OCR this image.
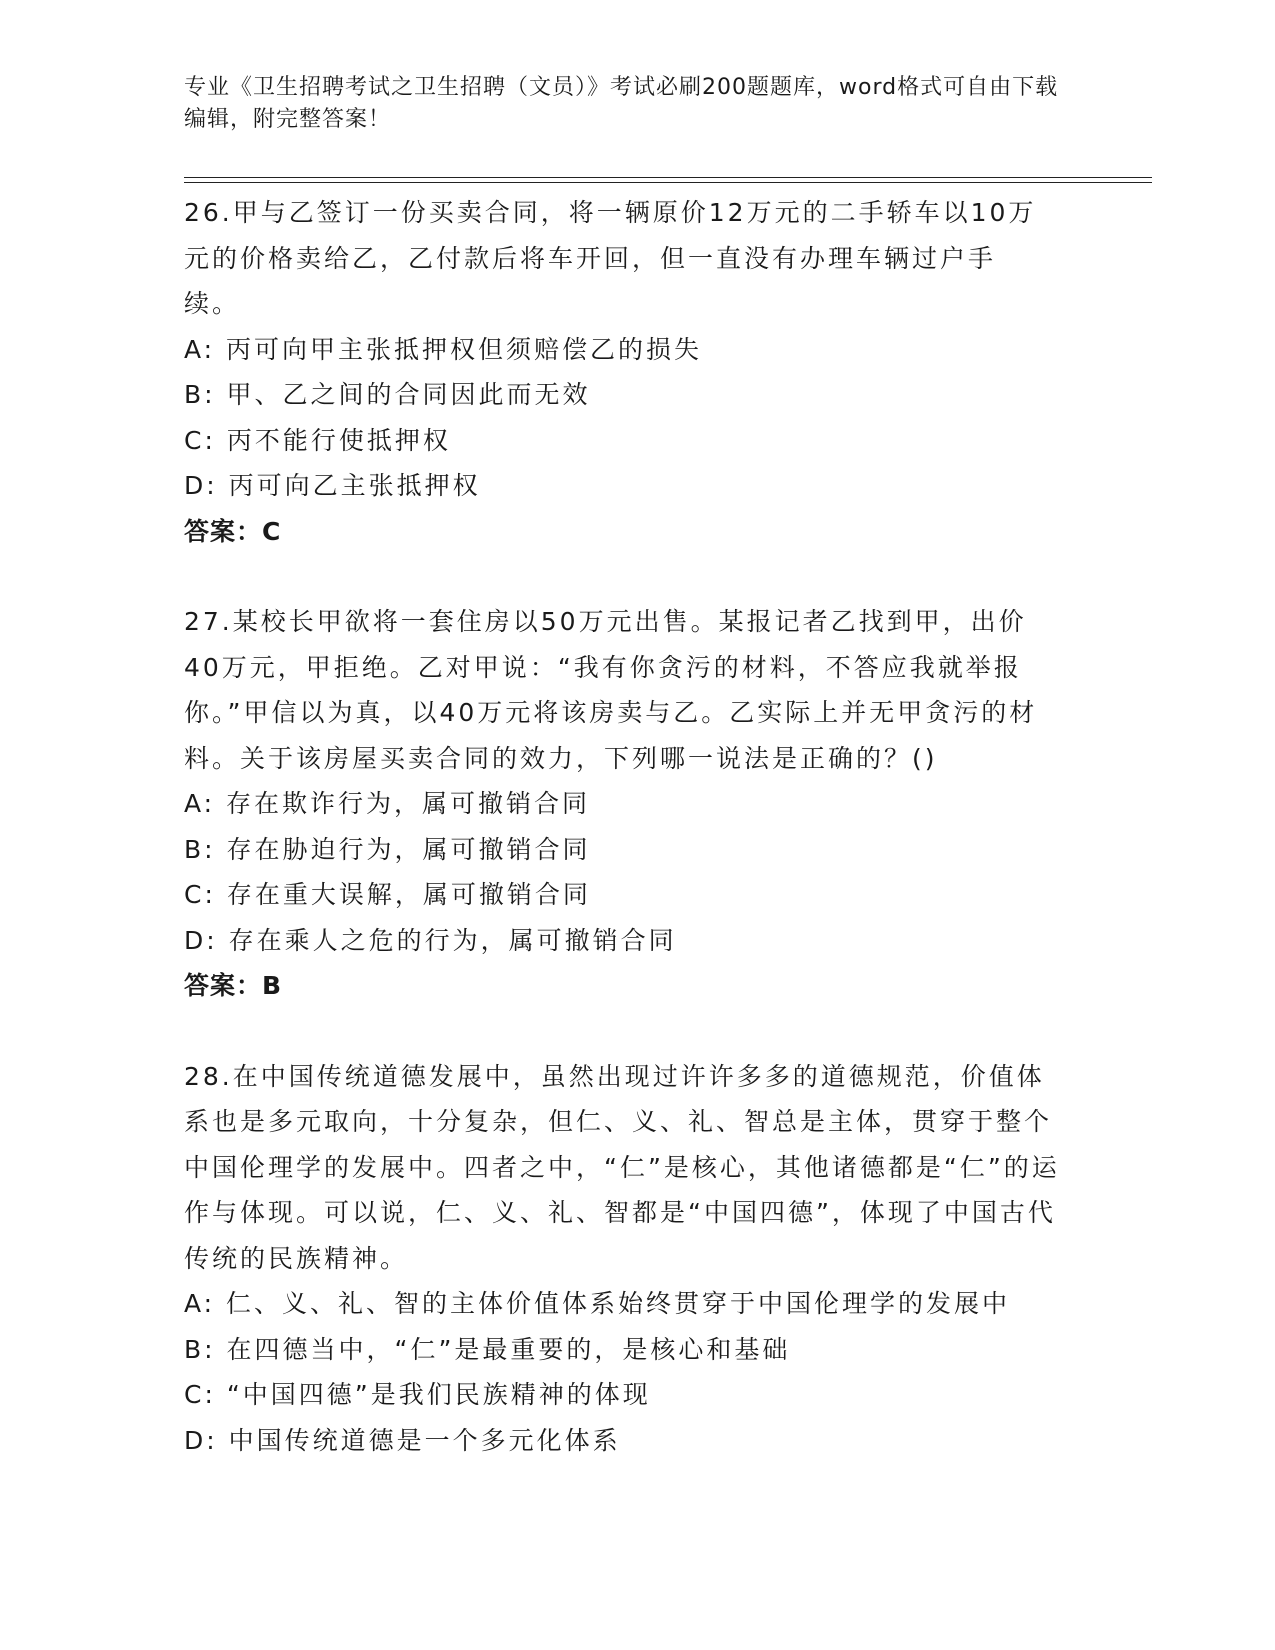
专业《卫生招聘考试之卫生招聘（文员）》考试必刷200题题库，word格式可自由下载编辑，附完整答案！
26.甲与乙签订一份买卖合同，将一辆原价12万元的二手轿车以10万元的价格卖给乙，乙付款后将车开回，但一直没有办理车辆过户手续。
A: 丙可向甲主张抵押权但须赔偿乙的损失
B: 甲、乙之间的合同因此而无效
C: 丙不能行使抵押权
D: 丙可向乙主张抵押权
答案：C
27.某校长甲欲将一套住房以50万元出售。某报记者乙找到甲，出价40万元，甲拒绝。乙对甲说：“我有你贪污的材料，不答应我就举报你。”甲信以为真，以40万元将该房卖与乙。乙实际上并无甲贪污的材料。关于该房屋买卖合同的效力，下列哪一说法是正确的？()
A: 存在欺诈行为，属可撤销合同
B: 存在胁迫行为，属可撤销合同
C: 存在重大误解，属可撤销合同
D: 存在乘人之危的行为，属可撤销合同
答案：B
28.在中国传统道德发展中，虽然出现过许许多多的道德规范，价值体系也是多元取向，十分复杂，但仁、义、礼、智总是主体，贯穿于整个中国伦理学的发展中。四者之中，“仁”是核心，其他诸德都是“仁”的运作与体现。可以说，仁、义、礼、智都是“中国四德”，体现了中国古代传统的民族精神。
A: 仁、义、礼、智的主体价值体系始终贯穿于中国伦理学的发展中
B: 在四德当中，“仁”是最重要的，是核心和基础
C: “中国四德”是我们民族精神的体现
D: 中国传统道德是一个多元化体系
